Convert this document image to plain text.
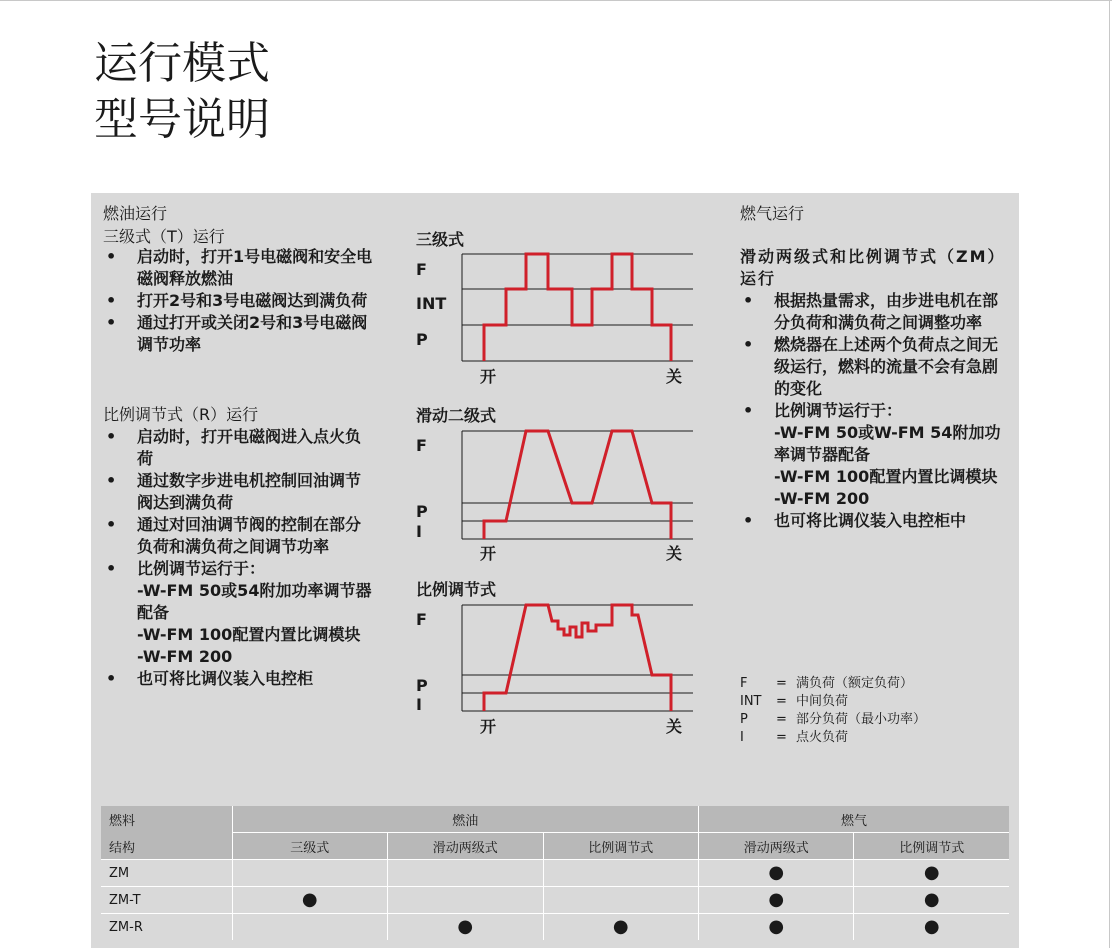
运行模式
型号说明
燃油运行
三级式（T）运行
• 启动时，打开1号电磁阀和安全电磁阀释放燃油
• 打开2号和3号电磁阀达到满负荷
• 通过打开或关闭2号和3号电磁阀调节功率
比例调节式（R）运行
• 启动时，打开电磁阀进入点火负荷
• 通过数字步进电机控制回油调节阀达到满负荷
• 通过对回油调节阀的控制在部分负荷和满负荷之间调节功率
• 比例调节运行于：
-W-FM 50或54附加功率调节器配备
-W-FM 100配置内置比调模块
-W-FM 200
• 也可将比调仪装入电控柜
三级式
F
INT
P
开	关
滑动二级式
F
P
I
开	关
比例调节式
F
P
I
开	关
燃气运行
滑动两级式和比例调节式（ZM）运行
• 根据热量需求，由步进电机在部分负荷和满负荷之间调整功率
• 燃烧器在上述两个负荷点之间无级运行，燃料的流量不会有急剧的变化
• 比例调节运行于：
-W-FM 50或W-FM 54附加功率调节器配备
-W-FM 100配置内置比调模块
-W-FM 200
• 也可将比调仪装入电控柜中
F	= 满负荷（额定负荷）
INT	= 中间负荷
P	= 部分负荷（最小功率）
I	= 点火负荷
燃料	燃油			燃气	
结构	三级式	滑动两级式	比例调节式	滑动两级式	比例调节式
ZM				●	●
ZM-T	●			●	●
ZM-R		●	●	●	●
